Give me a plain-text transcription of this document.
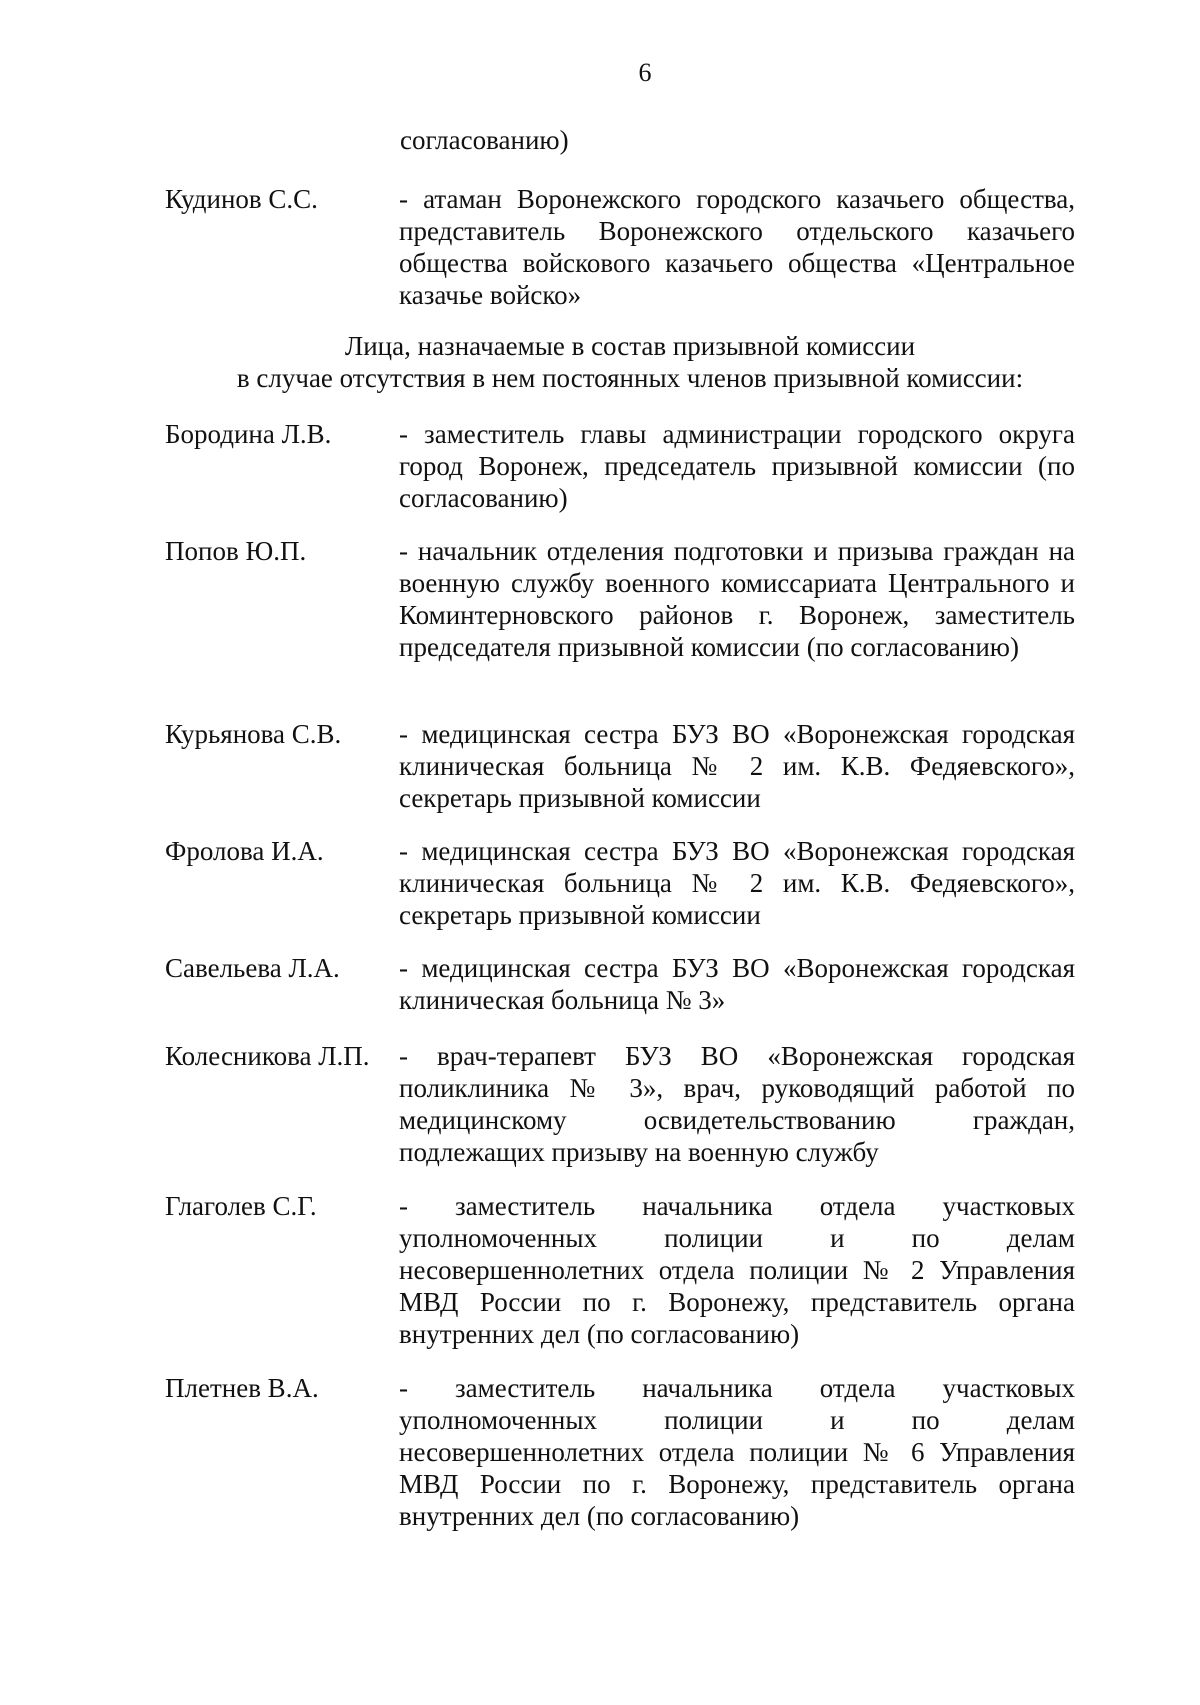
6
согласованию)
Кудинов С.С.	- атаман Воронежского городского казачьего общества, представитель Воронежского отдельского казачьего общества войскового казачьего общества «Центральное казачье войско»
Лица, назначаемые в состав призывной комиссии
в случае отсутствия в нем постоянных членов призывной комиссии:
Бородина Л.В.	- заместитель главы администрации городского округа город Воронеж, председатель призывной комиссии (по согласованию)
Попов Ю.П.	- начальник отделения подготовки и призыва граждан на военную службу военного комиссариата Центрального и Коминтерновского районов г. Воронеж, заместитель председателя призывной комиссии (по согласованию)
Курьянова С.В.	- медицинская сестра БУЗ ВО «Воронежская городская клиническая больница № 2 им. К.В. Федяевского», секретарь призывной комиссии
Фролова И.А.	- медицинская сестра БУЗ ВО «Воронежская городская клиническая больница № 2 им. К.В. Федяевского», секретарь призывной комиссии
Савельева Л.А.	- медицинская сестра БУЗ ВО «Воронежская городская клиническая больница № 3»
Колесникова Л.П.	- врач-терапевт БУЗ ВО «Воронежская городская поликлиника № 3», врач, руководящий работой по медицинскому освидетельствованию граждан, подлежащих призыву на военную службу
Глаголев С.Г.	- заместитель начальника отдела участковых уполномоченных полиции и по делам несовершеннолетних отдела полиции № 2 Управления МВД России по г. Воронежу, представитель органа внутренних дел (по согласованию)
Плетнев В.А.	- заместитель начальника отдела участковых уполномоченных полиции и по делам несовершеннолетних отдела полиции № 6 Управления МВД России по г. Воронежу, представитель органа внутренних дел (по согласованию)
